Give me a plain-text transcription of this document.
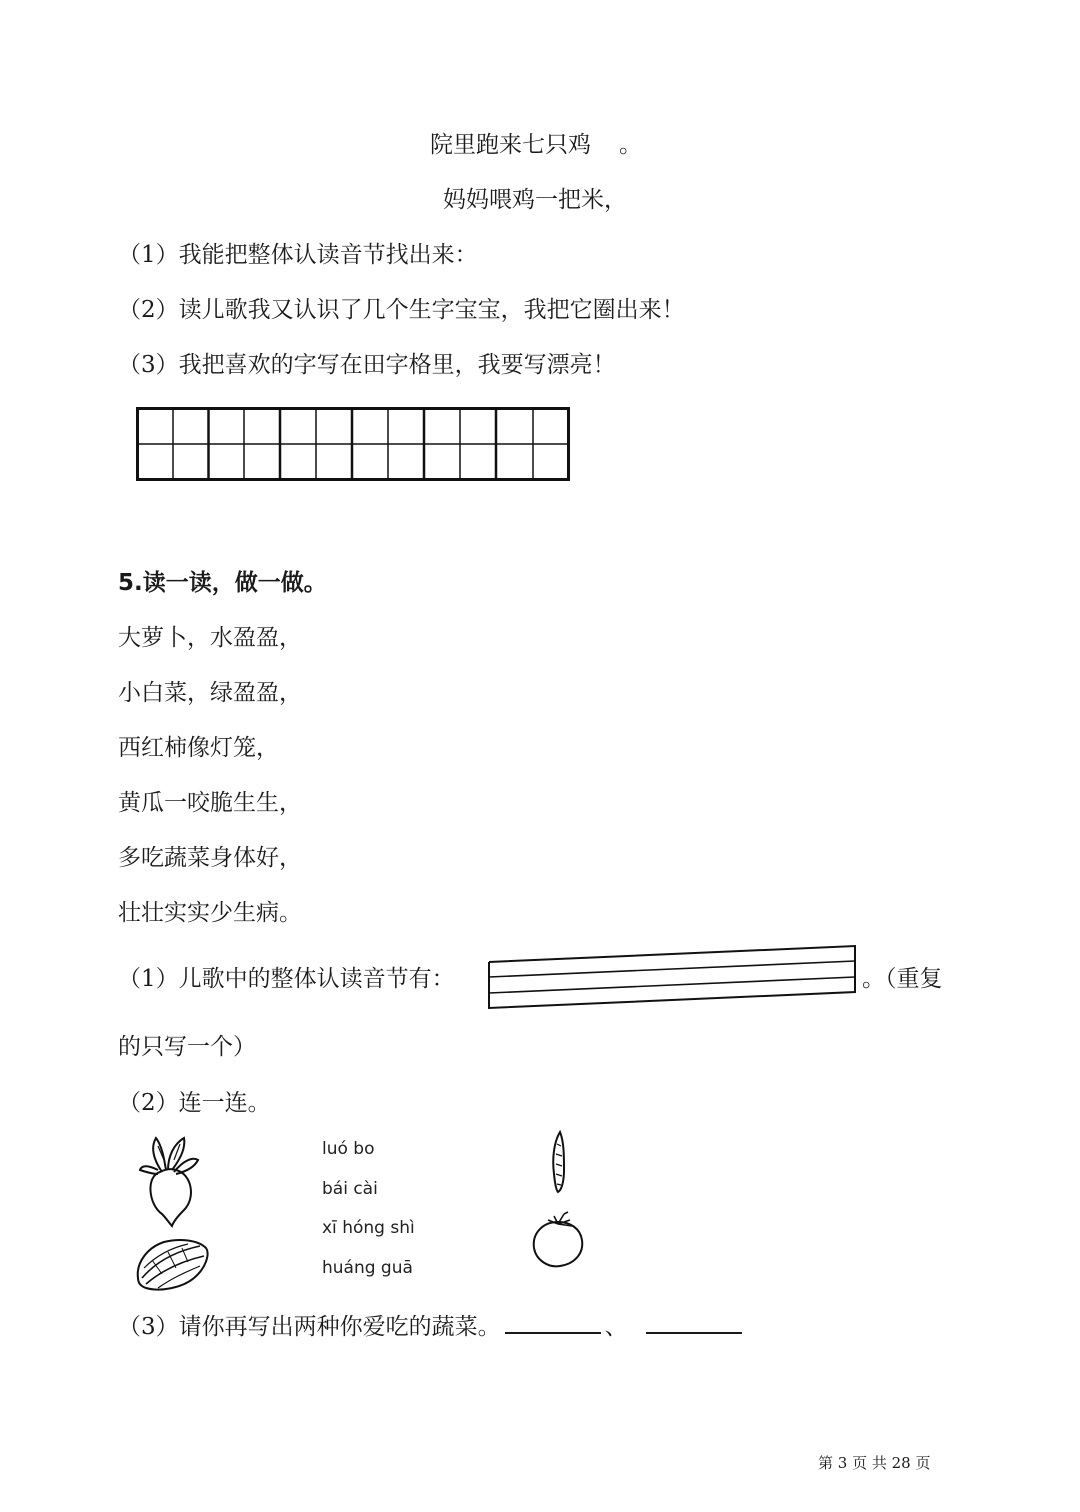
院里跑来七只鸡 。
妈妈喂鸡一把米，
（1）我能把整体认读音节找出来：
（2）读儿歌我又认识了几个生字宝宝，我把它圈出来！
（3）我把喜欢的字写在田字格里，我要写漂亮！
5.读一读，做一做。
大萝卜，水盈盈，
小白菜，绿盈盈，
西红柿像灯笼，
黄瓜一咬脆生生，
多吃蔬菜身体好，
壮壮实实少生病。
（1）儿歌中的整体认读音节有：	。（重复
的只写一个）
（2）连一连。
luó bo
bái cài
xī hóng shì
huáng guā
（3）请你再写出两种你爱吃的蔬菜。	、
第 3 页 共 28 页
